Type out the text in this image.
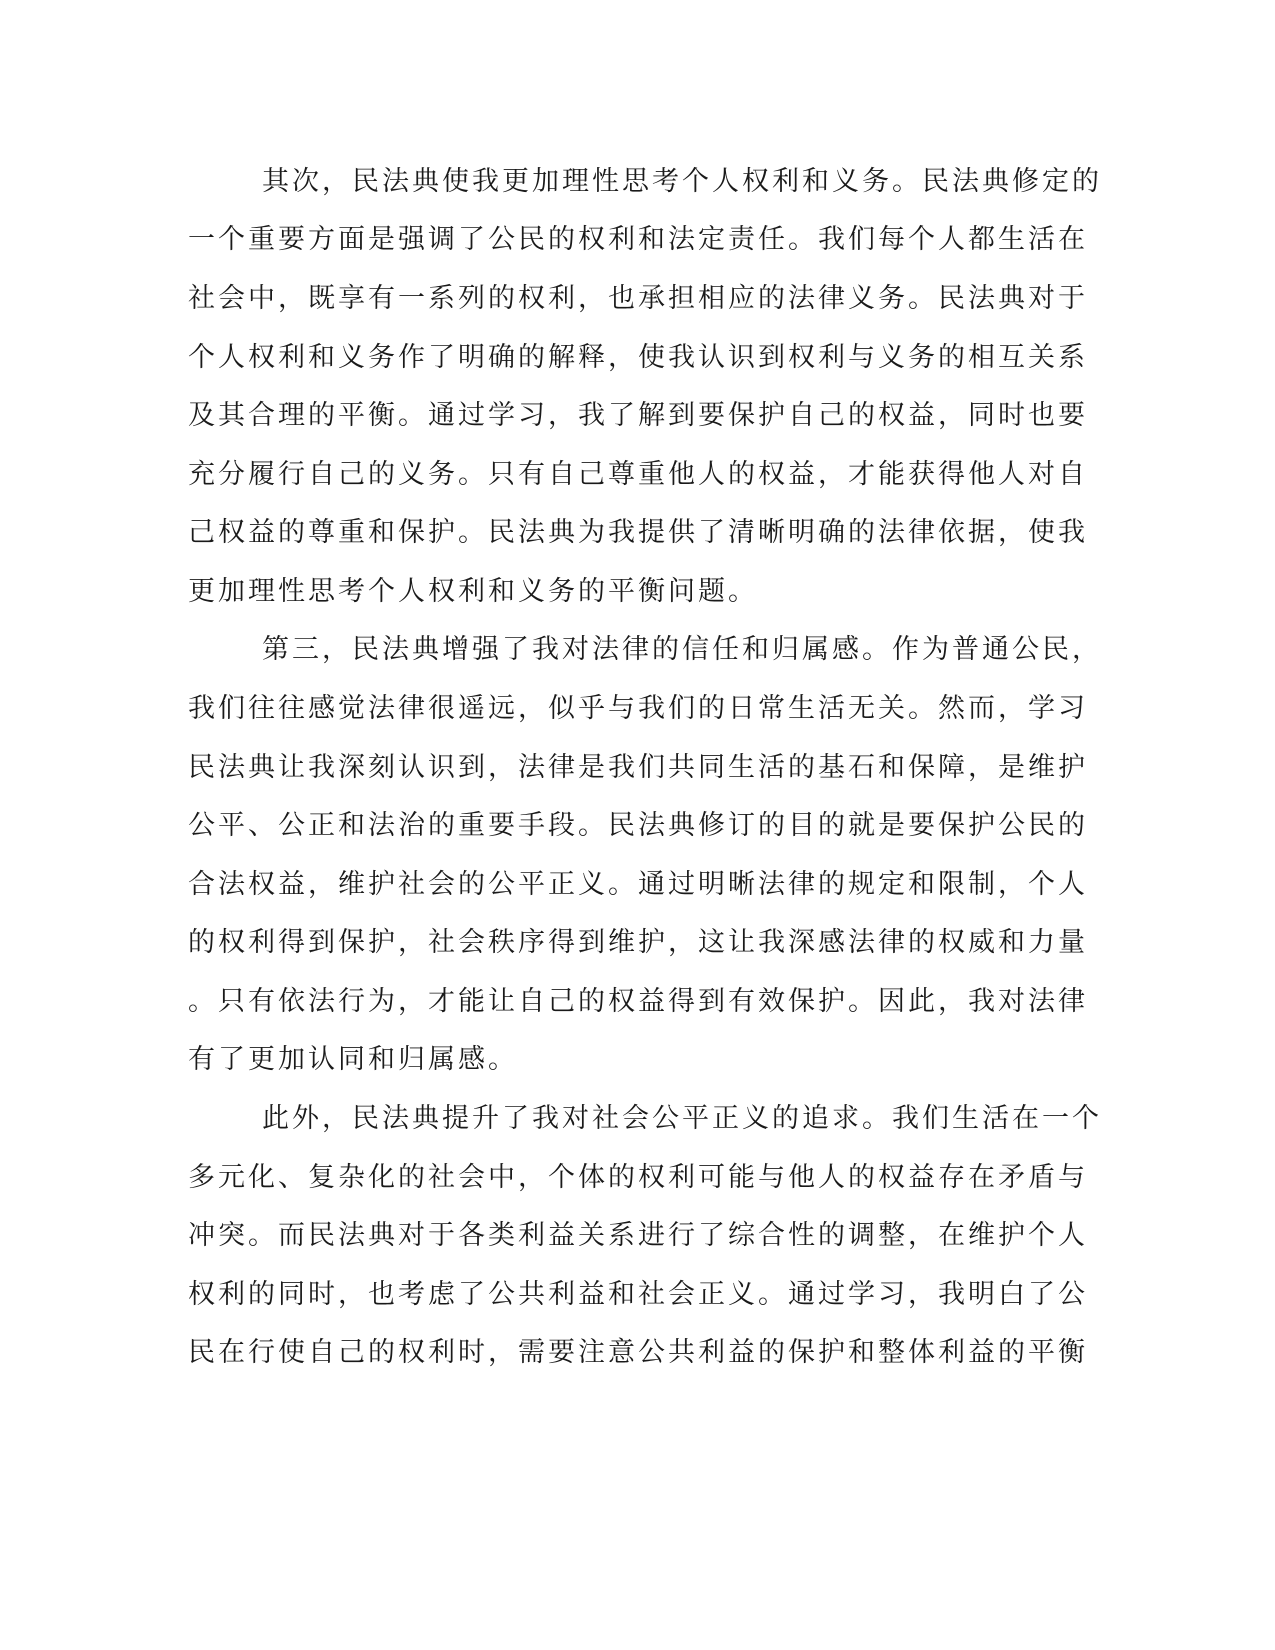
其次，民法典使我更加理性思考个人权利和义务。民法典修定的

一个重要方面是强调了公民的权利和法定责任。我们每个人都生活在

社会中，既享有一系列的权利，也承担相应的法律义务。民法典对于

个人权利和义务作了明确的解释，使我认识到权利与义务的相互关系

及其合理的平衡。通过学习，我了解到要保护自己的权益，同时也要

充分履行自己的义务。只有自己尊重他人的权益，才能获得他人对自

己权益的尊重和保护。民法典为我提供了清晰明确的法律依据，使我

更加理性思考个人权利和义务的平衡问题。

第三，民法典增强了我对法律的信任和归属感。作为普通公民，

我们往往感觉法律很遥远，似乎与我们的日常生活无关。然而，学习

民法典让我深刻认识到，法律是我们共同生活的基石和保障，是维护

公平、公正和法治的重要手段。民法典修订的目的就是要保护公民的

合法权益，维护社会的公平正义。通过明晰法律的规定和限制，个人

的权利得到保护，社会秩序得到维护，这让我深感法律的权威和力量

。只有依法行为，才能让自己的权益得到有效保护。因此，我对法律

有了更加认同和归属感。

此外，民法典提升了我对社会公平正义的追求。我们生活在一个

多元化、复杂化的社会中，个体的权利可能与他人的权益存在矛盾与

冲突。而民法典对于各类利益关系进行了综合性的调整，在维护个人

权利的同时，也考虑了公共利益和社会正义。通过学习，我明白了公

民在行使自己的权利时，需要注意公共利益的保护和整体利益的平衡
